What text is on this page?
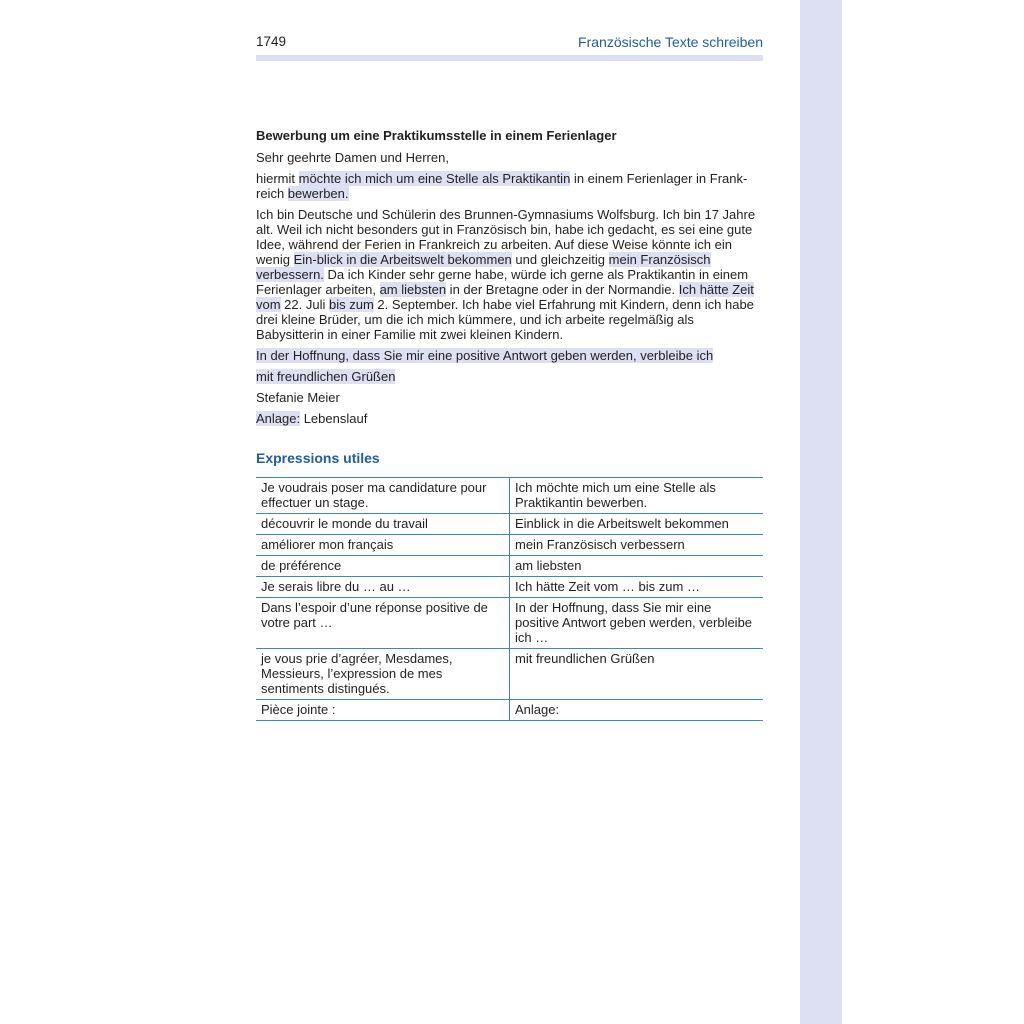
1749	Französische Texte schreiben

Bewerbung um eine Praktikumsstelle in einem Ferienlager

Sehr geehrte Damen und Herren,

hiermit möchte ich mich um eine Stelle als Praktikantin in einem Ferienlager in Frank-reich bewerben.

Ich bin Deutsche und Schülerin des Brunnen-Gymnasiums Wolfsburg. Ich bin 17 Jahre alt. Weil ich nicht besonders gut in Französisch bin, habe ich gedacht, es sei eine gute Idee, während der Ferien in Frankreich zu arbeiten. Auf diese Weise könnte ich ein wenig Ein-blick in die Arbeitswelt bekommen und gleichzeitig mein Französisch verbessern. Da ich Kinder sehr gerne habe, würde ich gerne als Praktikantin in einem Ferienlager arbeiten, am liebsten in der Bretagne oder in der Normandie. Ich hätte Zeit vom 22. Juli bis zum 2. September. Ich habe viel Erfahrung mit Kindern, denn ich habe drei kleine Brüder, um die ich mich kümmere, und ich arbeite regelmäßig als Babysitterin in einer Familie mit zwei kleinen Kindern.

In der Hoffnung, dass Sie mir eine positive Antwort geben werden, verbleibe ich

mit freundlichen Grüßen

Stefanie Meier

Anlage: Lebenslauf

Expressions utiles
Je voudrais poser ma candidature pour effectuer un stage.	Ich möchte mich um eine Stelle als Praktikantin bewerben.
découvrir le monde du travail	Einblick in die Arbeitswelt bekommen
améliorer mon français	mein Französisch verbessern
de préférence	am liebsten
Je serais libre du … au …	Ich hätte Zeit vom … bis zum …
Dans l’espoir d’une réponse positive de votre part …	In der Hoffnung, dass Sie mir eine positive Antwort geben werden, verbleibe ich …
je vous prie d’agréer, Mesdames, Messieurs, l’expression de mes sentiments distingués.	mit freundlichen Grüßen
Pièce jointe :	Anlage:
